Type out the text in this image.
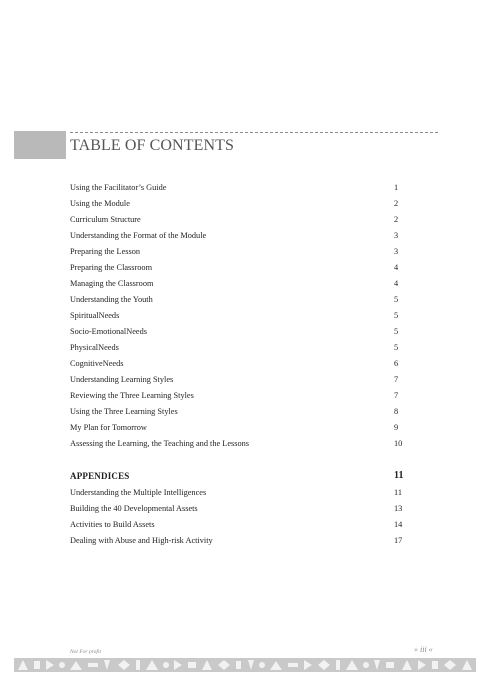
TABLE OF CONTENTS
Using the Facilitator’s Guide	1
Using the Module	2
Curriculum Structure	2
Understanding the Format of the Module	3
Preparing the Lesson	3
Preparing the Classroom	4
Managing the Classroom	4
Understanding the Youth	5
SpiritualNeeds	5
Socio-EmotionalNeeds	5
PhysicalNeeds	5
CognitiveNeeds	6
Understanding Learning Styles	7
Reviewing the Three Learning Styles	7
Using the Three Learning Styles	8
My Plan for Tomorrow	9
Assessing the Learning, the Teaching and the Lessons	10
APPENDICES	11
Understanding the Multiple Intelligences	11
Building the 40 Developmental Assets	13
Activities to Build Assets	14
Dealing with Abuse and High-risk Activity	17
Not For profit	» iii «
